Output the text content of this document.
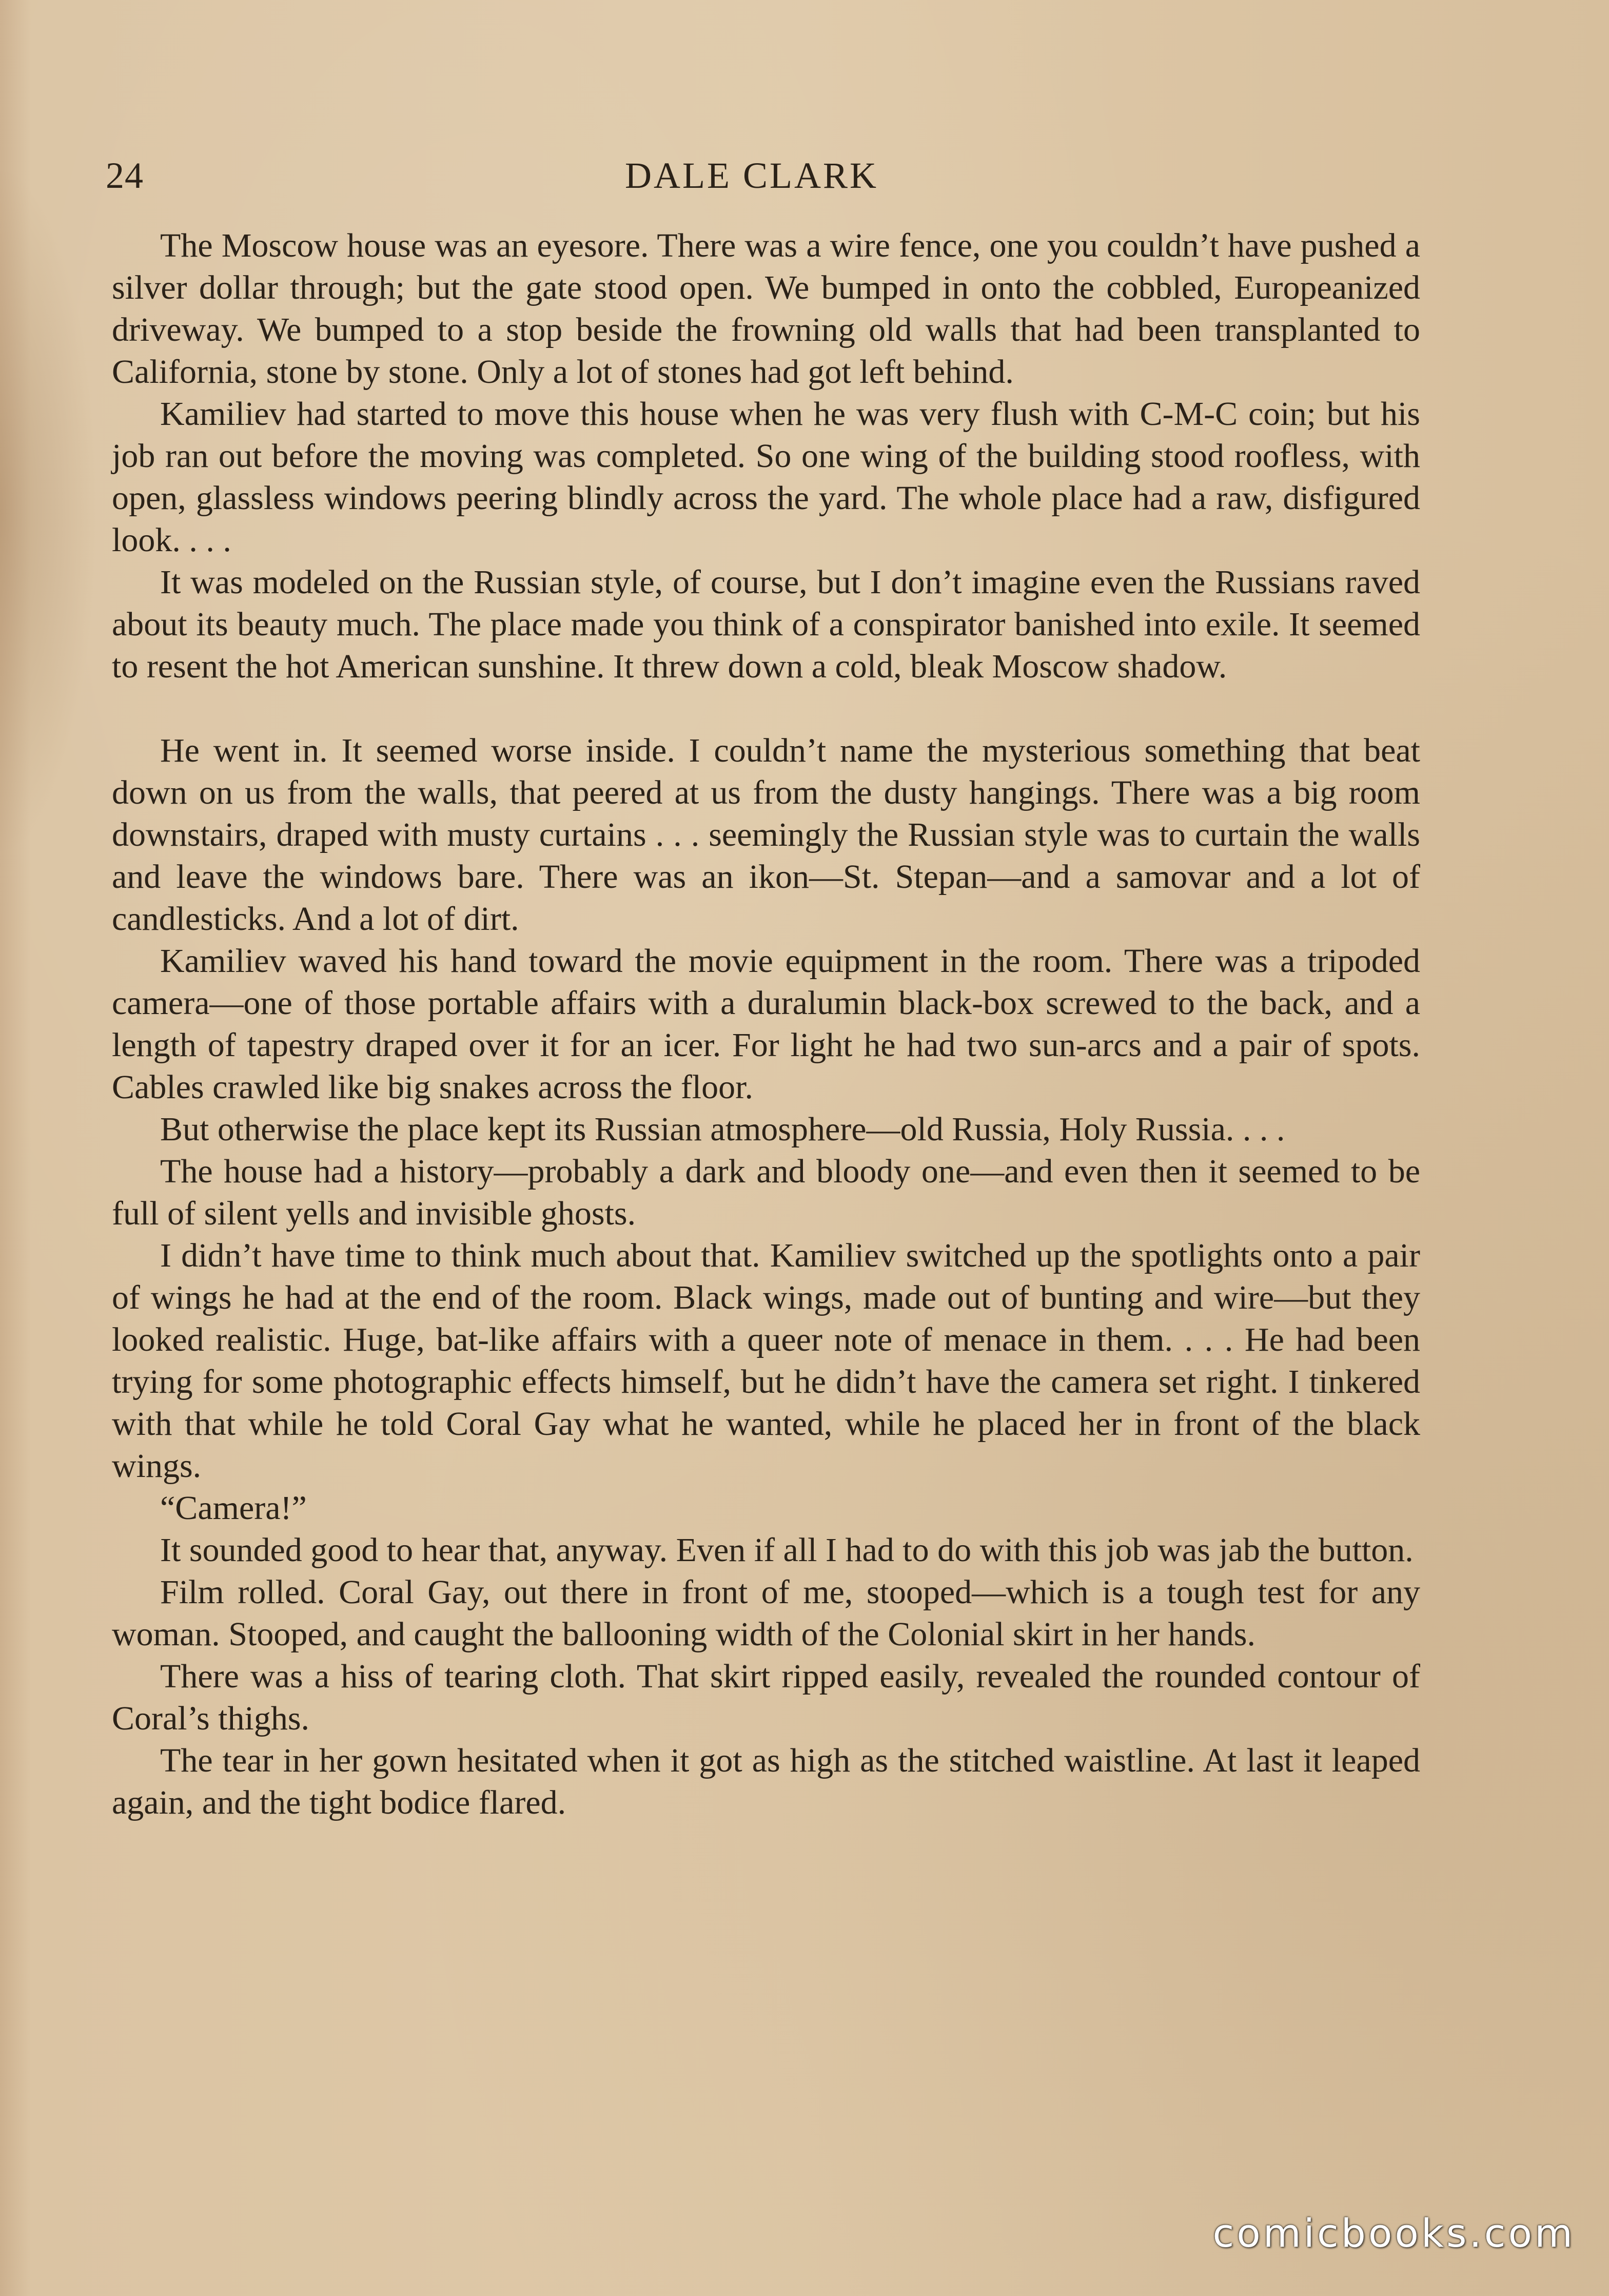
24	DALE CLARK

The Moscow house was an eyesore. There was a wire fence, one you couldn’t have pushed a silver dollar through; but the gate stood open. We bumped in onto the cobbled, Europeanized driveway. We bumped to a stop beside the frowning old walls that had been transplanted to California, stone by stone. Only a lot of stones had got left behind.

Kamiliev had started to move this house when he was very flush with C-M-C coin; but his job ran out before the moving was completed. So one wing of the building stood roofless, with open, glassless windows peering blindly across the yard. The whole place had a raw, disfigured look. . . .

It was modeled on the Russian style, of course, but I don’t imagine even the Russians raved about its beauty much. The place made you think of a conspirator banished into exile. It seemed to resent the hot American sunshine. It threw down a cold, bleak Moscow shadow.

He went in. It seemed worse inside. I couldn’t name the mysterious something that beat down on us from the walls, that peered at us from the dusty hangings. There was a big room downstairs, draped with musty curtains . . . seemingly the Russian style was to curtain the walls and leave the windows bare. There was an ikon—St. Stepan—and a samovar and a lot of candlesticks. And a lot of dirt.

Kamiliev waved his hand toward the movie equipment in the room. There was a tripoded camera—one of those portable affairs with a duralumin black-box screwed to the back, and a length of tapestry draped over it for an icer. For light he had two sun-arcs and a pair of spots. Cables crawled like big snakes across the floor.

But otherwise the place kept its Russian atmosphere—old Russia, Holy Russia. . . .

The house had a history—probably a dark and bloody one—and even then it seemed to be full of silent yells and invisible ghosts.

I didn’t have time to think much about that. Kamiliev switched up the spotlights onto a pair of wings he had at the end of the room. Black wings, made out of bunting and wire—but they looked realistic. Huge, bat-like affairs with a queer note of menace in them. . . . He had been trying for some photographic effects himself, but he didn’t have the camera set right. I tinkered with that while he told Coral Gay what he wanted, while he placed her in front of the black wings.

“Camera!”

It sounded good to hear that, anyway. Even if all I had to do with this job was jab the button.

Film rolled. Coral Gay, out there in front of me, stooped—which is a tough test for any woman. Stooped, and caught the ballooning width of the Colonial skirt in her hands.

There was a hiss of tearing cloth. That skirt ripped easily, revealed the rounded contour of Coral’s thighs.

The tear in her gown hesitated when it got as high as the stitched waistline. At last it leaped again, and the tight bodice flared.

comicbooks.com
